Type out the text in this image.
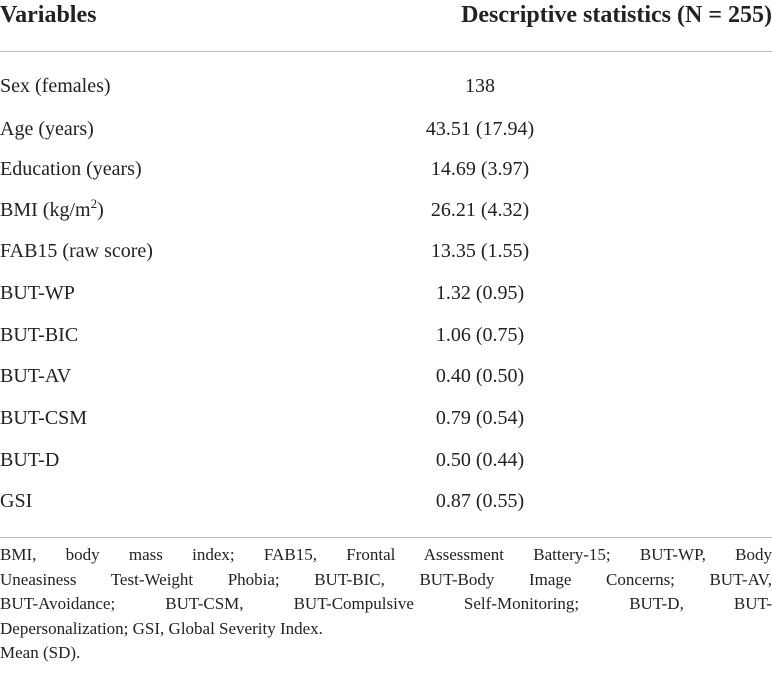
Variables	Descriptive statistics (N = 255)
Sex (females)	138
Age (years)	43.51 (17.94)
Education (years)	14.69 (3.97)
BMI $(kg/m^2)$	26.21 (4.32)
FAB15 (raw score)	13.35 (1.55)
BUT-WP	1.32 (0.95)
BUT-BIC	1.06 (0.75)
BUT-AV	0.40 (0.50)
BUT-CSM	0.79 (0.54)
BUT-D	0.50 (0.44)
GSI	0.87 (0.55)
BMI, body mass index; FAB15, Frontal Assessment Battery-15; BUT-WP, Body
Uneasiness Test-Weight Phobia; BUT-BIC, BUT-Body Image Concerns; BUT-AV,
BUT-Avoidance; BUT-CSM, BUT-Compulsive Self-Monitoring; BUT-D, BUT-
Depersonalization; GSI, Global Severity Index.
Mean (SD).
